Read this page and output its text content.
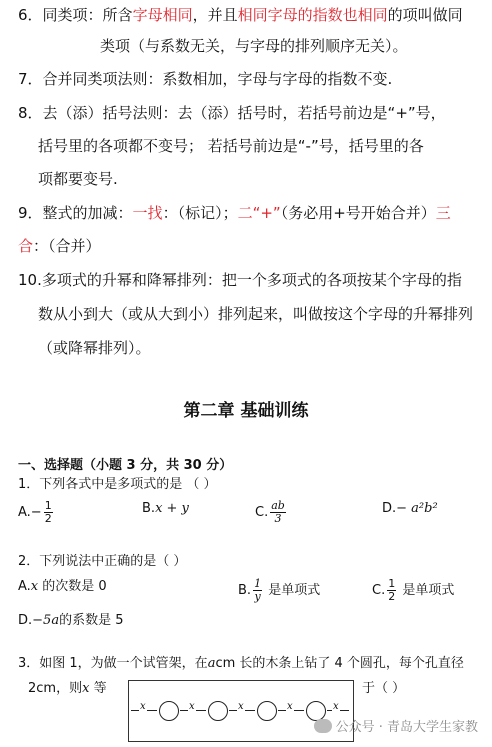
6．同类项：所含字母相同，并且相同字母的指数也相同的项叫做同
类项（与系数无关，与字母的排列顺序无关）。
7．合并同类项法则：系数相加，字母与字母的指数不变.
8．去（添）括号法则：去（添）括号时，若括号前边是“+”号，
括号里的各项都不变号； 若括号前边是“-”号，括号里的各
项都要变号.
9．整式的加减：一找：（标记）；二“+”（务必用+号开始合并）三
合：（合并）
10.多项式的升幂和降幂排列：把一个多项式的各项按某个字母的指
数从小到大（或从大到小）排列起来，叫做按这个字母的升幂排列
（或降幂排列）。
第二章 基础训练
一、选择题（小题 3 分，共 30 分）
1．下列各式中是多项式的是 （ ）
$A.- \frac{1}{2}$	B.x + y	C. $\frac{ab}{3}$	D.− a²b²
2．下列说法中正确的是（ ）
A.x 的次数是 0	B. $\frac{1}{y}$ 是单项式	C. $\frac{1}{2}$ 是单项式
D.−5a的系数是 5
3．如图 1，为做一个试管架，在acm 长的木条上钻了 4 个圆孔，每个孔直径
2cm，则x 等	于（ ）
x	x	x	x	x
公众号 · 青岛大学生家教
